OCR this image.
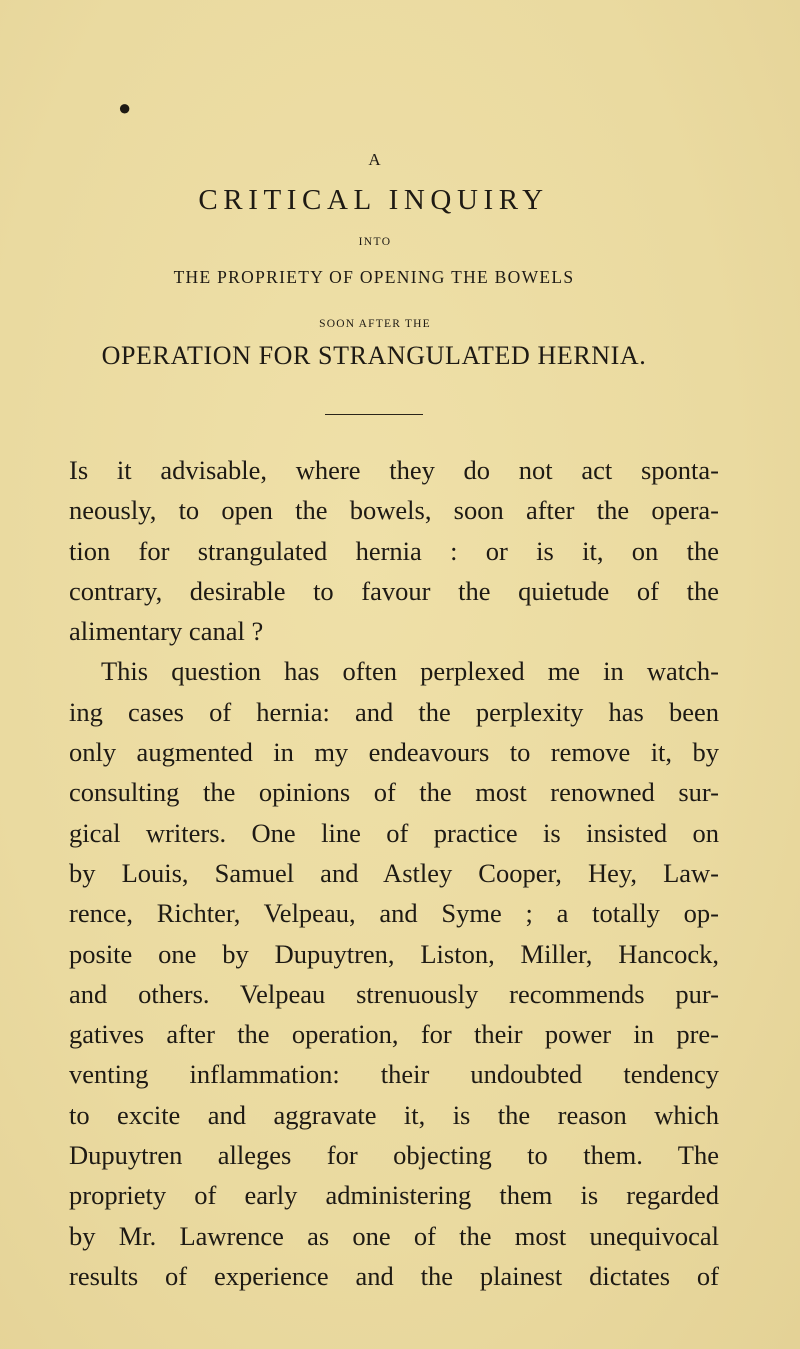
●
A
CRITICAL INQUIRY
INTO
THE PROPRIETY OF OPENING THE BOWELS
SOON AFTER THE
OPERATION FOR STRANGULATED HERNIA.
Is it advisable, where they do not act sponta-
neously, to open the bowels, soon after the opera-
tion for strangulated hernia : or is it, on the
contrary, desirable to favour the quietude of the
alimentary canal ?
This question has often perplexed me in watch-
ing cases of hernia: and the perplexity has been
only augmented in my endeavours to remove it, by
consulting the opinions of the most renowned sur-
gical writers. One line of practice is insisted on
by Louis, Samuel and Astley Cooper, Hey, Law-
rence, Richter, Velpeau, and Syme ; a totally op-
posite one by Dupuytren, Liston, Miller, Hancock,
and others. Velpeau strenuously recommends pur-
gatives after the operation, for their power in pre-
venting inflammation: their undoubted tendency
to excite and aggravate it, is the reason which
Dupuytren alleges for objecting to them. The
propriety of early administering them is regarded
by Mr. Lawrence as one of the most unequivocal
results of experience and the plainest dictates of
